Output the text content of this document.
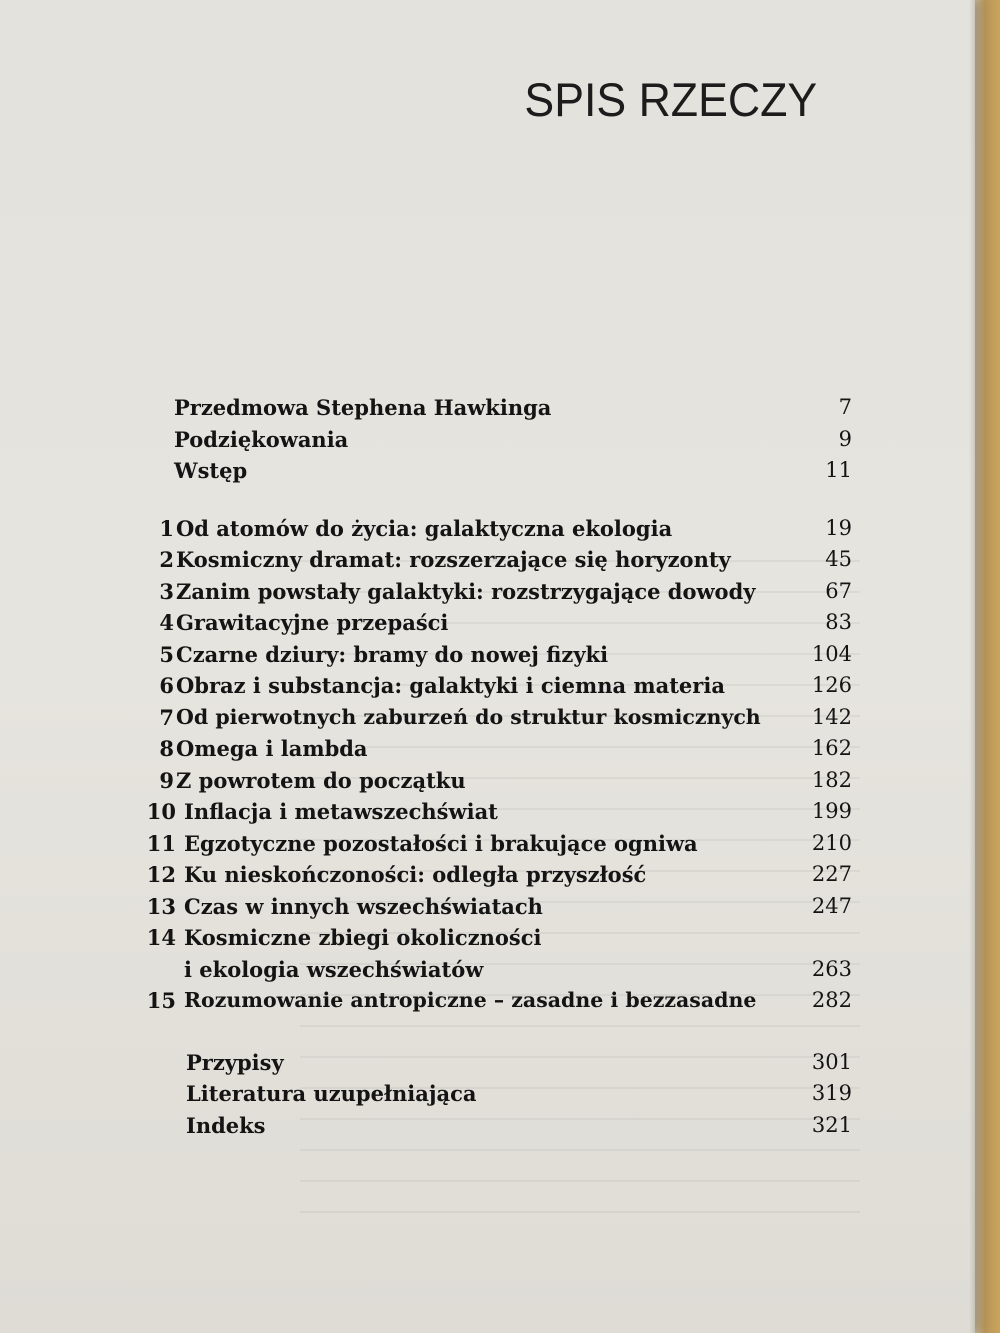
SPIS RZECZY
Przedmowa Stephena Hawkinga	7
Podziękowania	9
Wstęp	11
1 Od atomów do życia: galaktyczna ekologia	19
2 Kosmiczny dramat: rozszerzające się horyzonty	45
3 Zanim powstały galaktyki: rozstrzygające dowody	67
4 Grawitacyjne przepaści	83
5 Czarne dziury: bramy do nowej fizyki	104
6 Obraz i substancja: galaktyki i ciemna materia	126
7 Od pierwotnych zaburzeń do struktur kosmicznych 142
8 Omega i lambda	162
9 Z powrotem do początku	182
10 Inflacja i metawszechświat	199
11 Egzotyczne pozostałości i brakujące ogniwa	210
12 Ku nieskończoności: odległa przyszłość	227
13 Czas w innych wszechświatach	247
14 Kosmiczne zbiegi okoliczności
i ekologia wszechświatów	263
15 Rozumowanie antropiczne – zasadne i bezzasadne	282
Przypisy	301
Literatura uzupełniająca	319
Indeks	321
